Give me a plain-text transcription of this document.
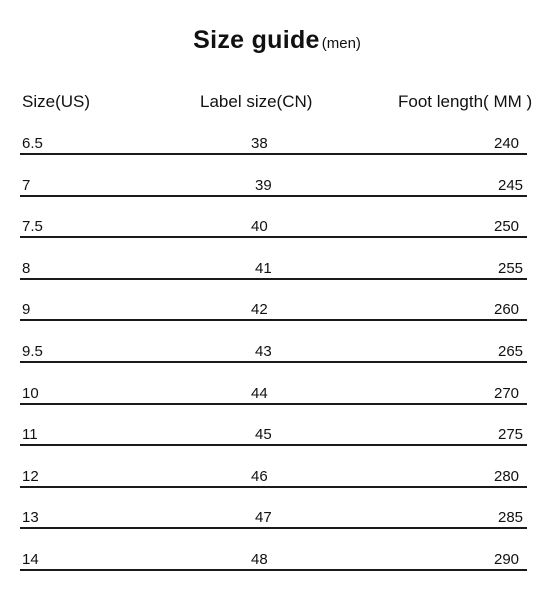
Size guide (men)
Size(US)	Label size(CN)	Foot length( MM )
6.5	38	240
7	39	245
7.5	40	250
8	41	255
9	42	260
9.5	43	265
10	44	270
11	45	275
12	46	280
13	47	285
14	48	290
